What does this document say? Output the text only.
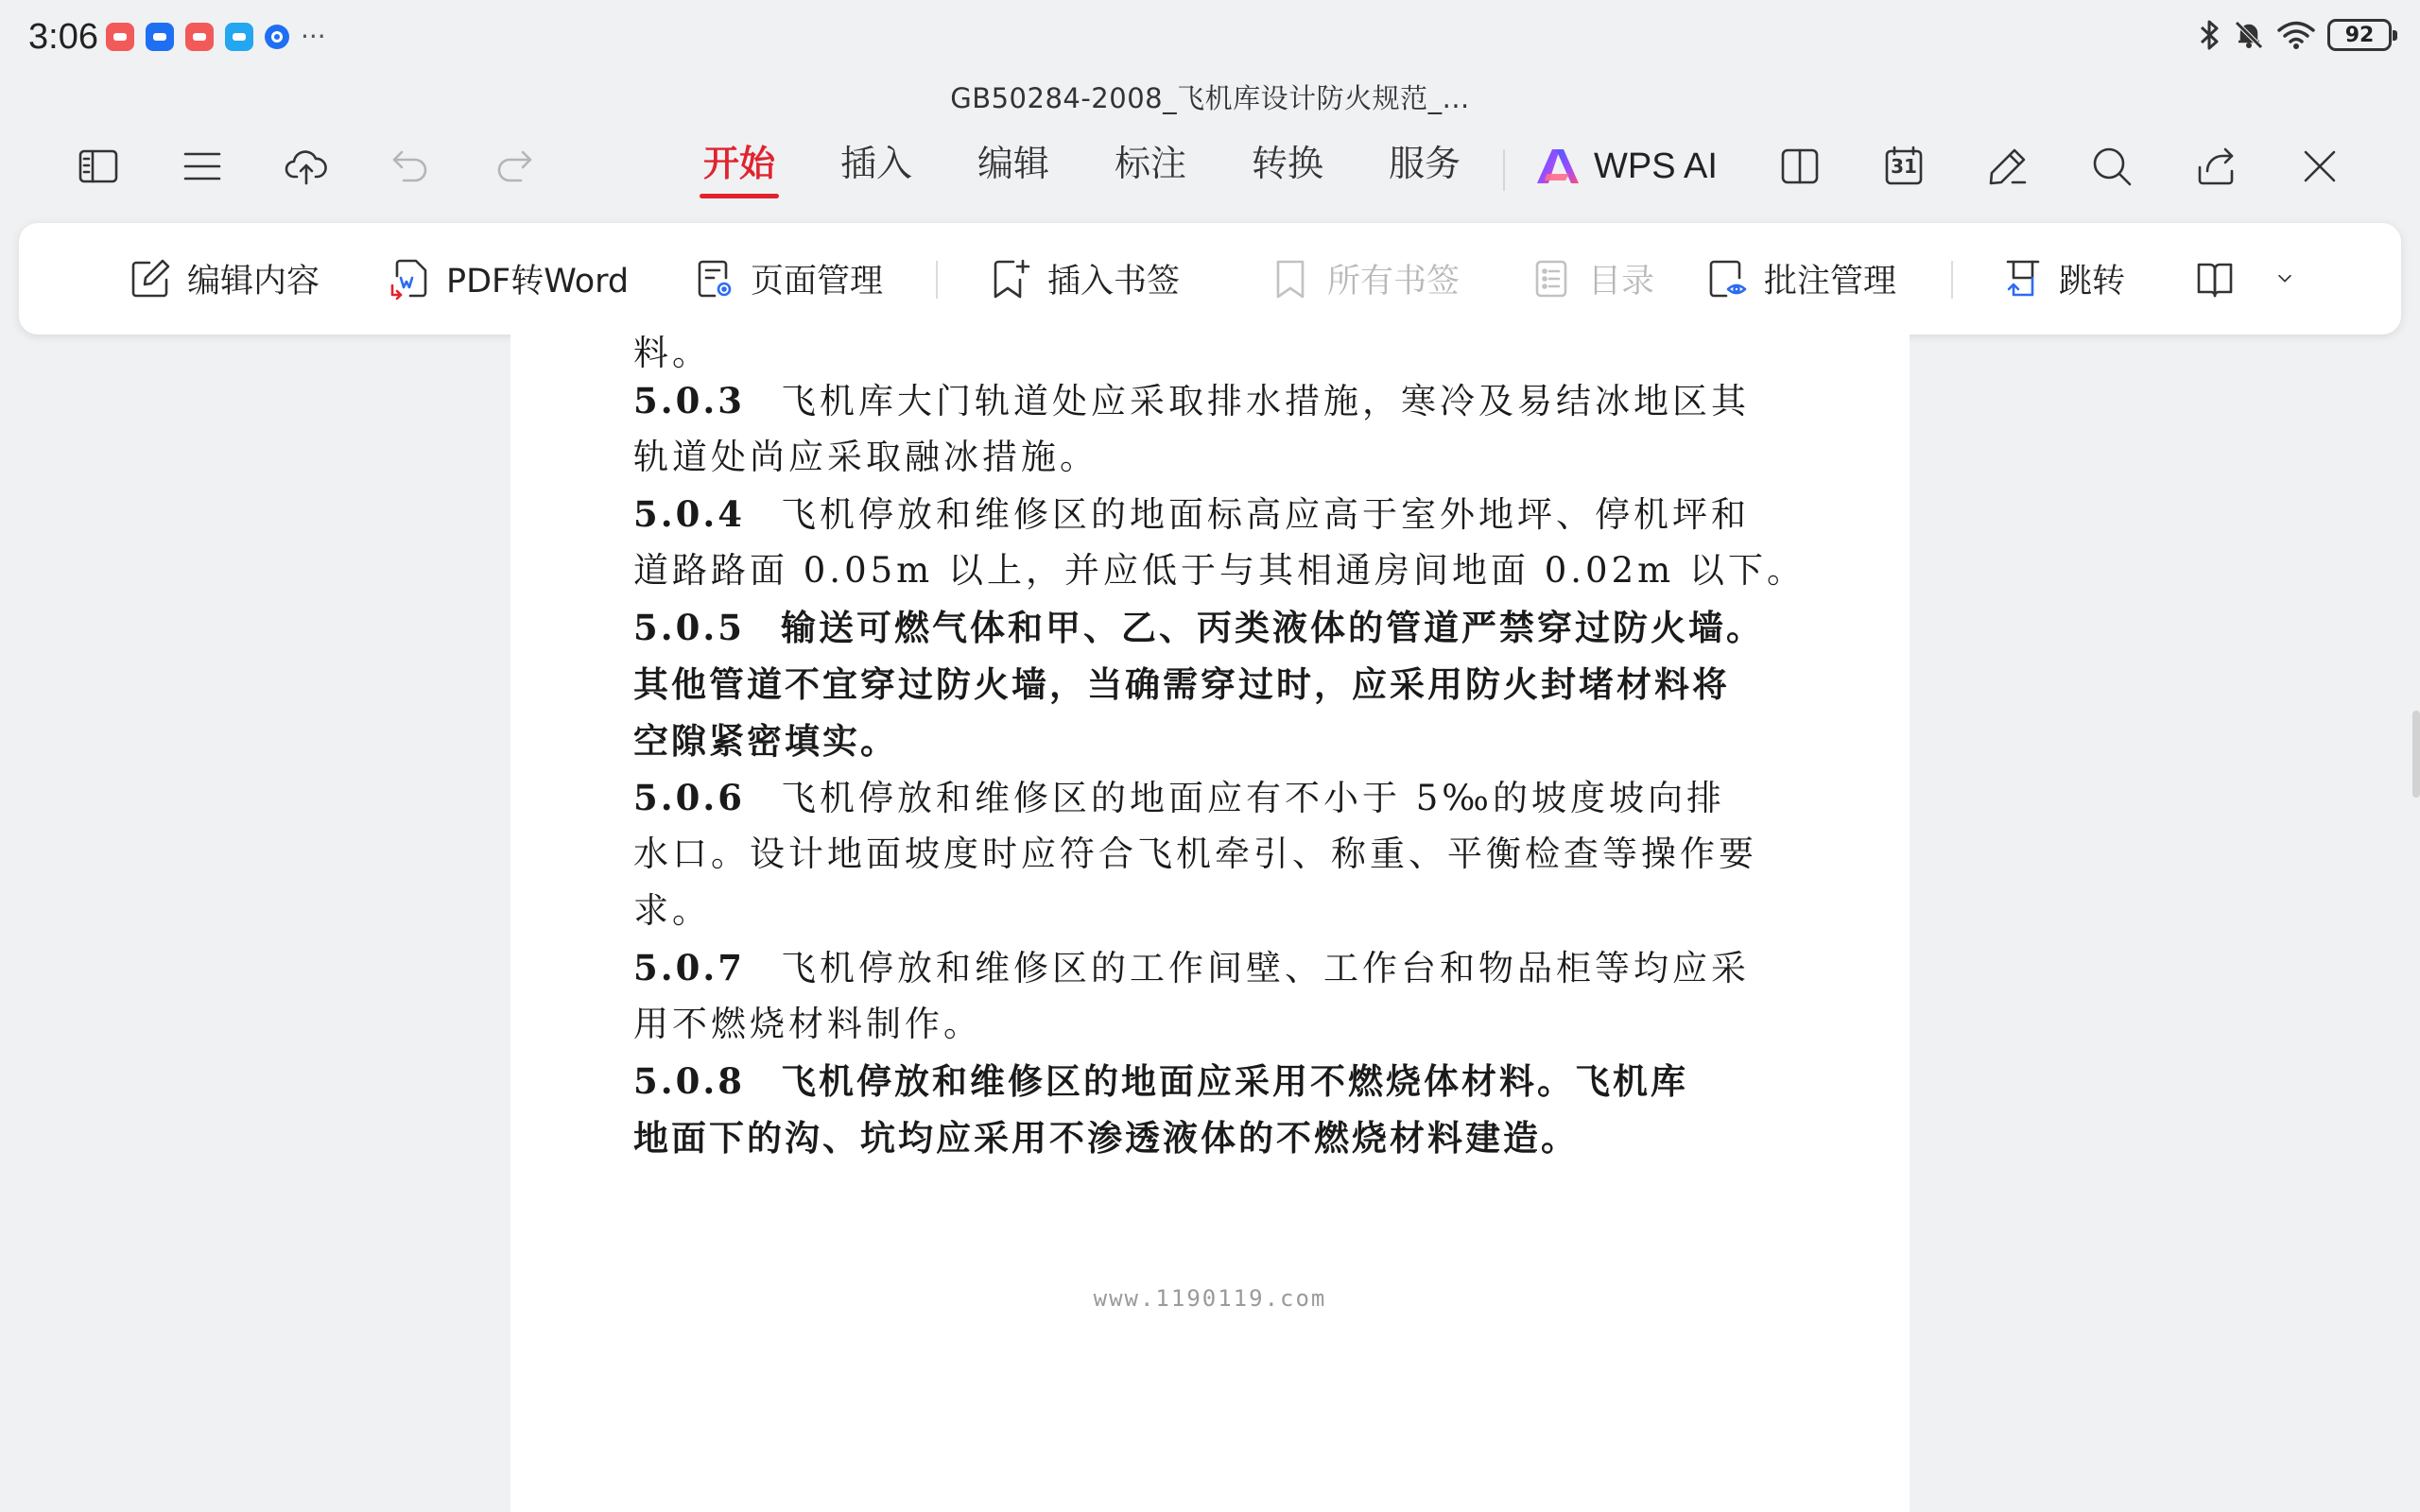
3:06	···	92
GB50284-2008_飞机库设计防火规范_...
开始 插入 编辑 标注 转换 服务	WPS AI	31
编辑内容	PDF转Word	页面管理	插入书签	所有书签	目录	批注管理	跳转
料。
5.0.3 飞机库大门轨道处应采取排水措施，寒冷及易结冰地区其
轨道处尚应采取融冰措施。
5.0.4 飞机停放和维修区的地面标高应高于室外地坪、停机坪和
道路路面 0.05m 以上，并应低于与其相通房间地面 0.02m 以下。
5.0.5 输送可燃气体和甲、乙、丙类液体的管道严禁穿过防火墙。
其他管道不宜穿过防火墙，当确需穿过时，应采用防火封堵材料将
空隙紧密填实。
5.0.6 飞机停放和维修区的地面应有不小于 5‰的坡度坡向排
水口。设计地面坡度时应符合飞机牵引、称重、平衡检查等操作要
求。
5.0.7 飞机停放和维修区的工作间壁、工作台和物品柜等均应采
用不燃烧材料制作。
5.0.8 飞机停放和维修区的地面应采用不燃烧体材料。飞机库
地面下的沟、坑均应采用不渗透液体的不燃烧材料建造。
www.1190119.com
